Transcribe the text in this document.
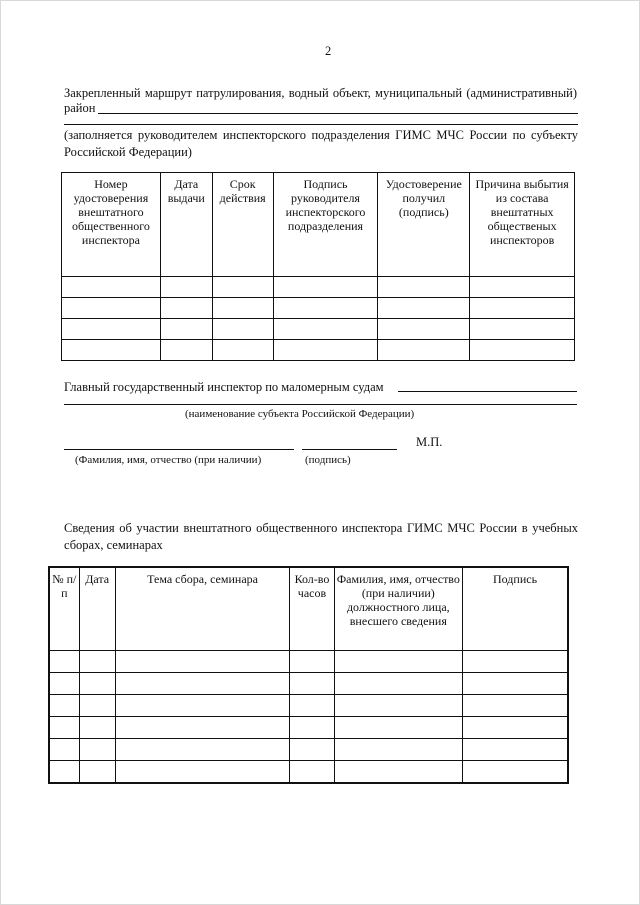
2
Закрепленный маршрут патрулирования, водный объект, муниципальный (административный)
район
(заполняется руководителем инспекторского подразделения ГИМС МЧС России по субъекту
Российской Федерации)
Номер удостоверения внештатного общественного инспектора	Дата выдачи	Срок действия	Подпись руководителя инспекторского подразделения	Удостоверение получил (подпись)	Причина выбытия из состава внештатных общественых инспекторов

Главный государственный инспектор по маломерным судам
(наименование субъекта Российской Федерации)
М.П.
(Фамилия, имя, отчество (при наличии)	(подпись)
Сведения об участии внештатного общественного инспектора ГИМС МЧС России в учебных
сборах, семинарах
№ п/п	Дата	Тема сбора, семинара	Кол-во часов	Фамилия, имя, отчество (при наличии) должностного лица, внесшего сведения	Подпись
